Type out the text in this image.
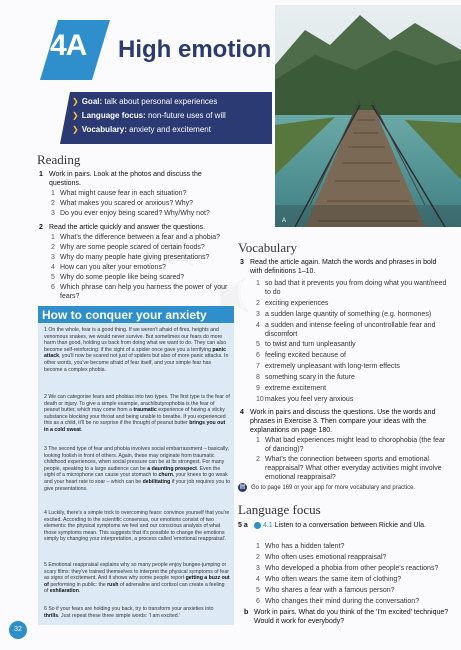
4A High emotion
❯ Goal: talk about personal experiences
❯ Language focus: non-future uses of will
❯ Vocabulary: anxiety and excitement
A
Reading
1 Work in pairs. Look at the photos and discuss the questions.
1 What might cause fear in each situation?
2 What makes you scared or anxious? Why?
3 Do you ever enjoy being scared? Why/Why not?
2 Read the article quickly and answer the questions.
1 What's the difference between a fear and a phobia?
2 Why are some people scared of certain foods?
3 Why do many people hate giving presentations?
4 How can you alter your emotions?
5 Why do some people like being scared?
6 Which phrase can help you harness the power of your fears?
How to conquer your anxiety
1 On the whole, fear is a good thing. If we weren't afraid of fires, heights and venomous snakes, we would never survive. But sometimes our fears do more harm than good, holding us back from doing what we want to do. They can also become self-reinforcing: if the sight of a spider once gave you a terrifying panic attack, you'll now be scared not just of spiders but also of more panic attacks. In other words, you've become afraid of fear itself, and your simple fear has become a complex phobia.
2 We can categorise fears and phobias into two types. The first type is the fear of death or injury. To give a simple example, arachibutyrophobia is the fear of peanut butter, which may come from a traumatic experience of having a sticky substance blocking your throat and being unable to breathe. If you experienced this as a child, it'll be no surprise if the thought of peanut butter brings you out in a cold sweat.
3 The second type of fear and phobia involves social embarrassment – basically, looking foolish in front of others. Again, these may originate from traumatic childhood experiences, when social pressure can be at its strongest. For many people, speaking to a large audience can be a daunting prospect. Even the sight of a microphone can cause your stomach to churn, your knees to go weak and your heart rate to soar – which can be debilitating if your job requires you to give presentations.
4 Luckily, there's a simple trick to overcoming fears: convince yourself that you're excited. According to the scientific consensus, our emotions consist of two elements: the physical symptoms we feel and our conscious analysis of what those symptoms mean. This suggests that it's possible to change the emotions simply by changing your interpretation, a process called 'emotional reappraisal'.
5 Emotional reappraisal explains why so many people enjoy bungee-jumping or scary films: they've trained themselves to interpret the physical symptoms of fear as signs of excitement. And it shows why some people report getting a buzz out of performing in public: the rush of adrenaline and cortisol can create a feeling of exhilaration.
6 So if your fears are holding you back, try to transform your anxieties into thrills. Just repeat these three simple words: 'I am excited.'
Vocabulary
3 Read the article again. Match the words and phrases in bold with definitions 1–10.
1 so bad that it prevents you from doing what you want/need to do
2 exciting experiences
3 a sudden large quantity of something (e.g. hormones)
4 a sudden and intense feeling of uncontrollable fear and discomfort
5 to twist and turn unpleasantly
6 feeling excited because of
7 extremely unpleasant with long-term effects
8 something scary in the future
9 extreme excitement
10 makes you feel very anxious
4 Work in pairs and discuss the questions. Use the words and phrases in Exercise 3. Then compare your ideas with the explanations on page 180.
1 What bad experiences might lead to chorophobia (the fear of dancing)?
2 What's the connection between sports and emotional reappraisal? What other everyday activities might involve emotional reappraisal?
▤ Go to page 169 or your app for more vocabulary and practice.
Language focus
5 a 4.1 Listen to a conversation between Rickie and Ula.
1 Who has a hidden talent?
2 Who often uses emotional reappraisal?
3 Who developed a phobia from other people's reactions?
4 Who often wears the same item of clothing?
5 Who shares a fear with a famous person?
6 Who changes their mind during the conversation?
b Work in pairs. What do you think of the 'I'm excited' technique? Would it work for everybody?
32
